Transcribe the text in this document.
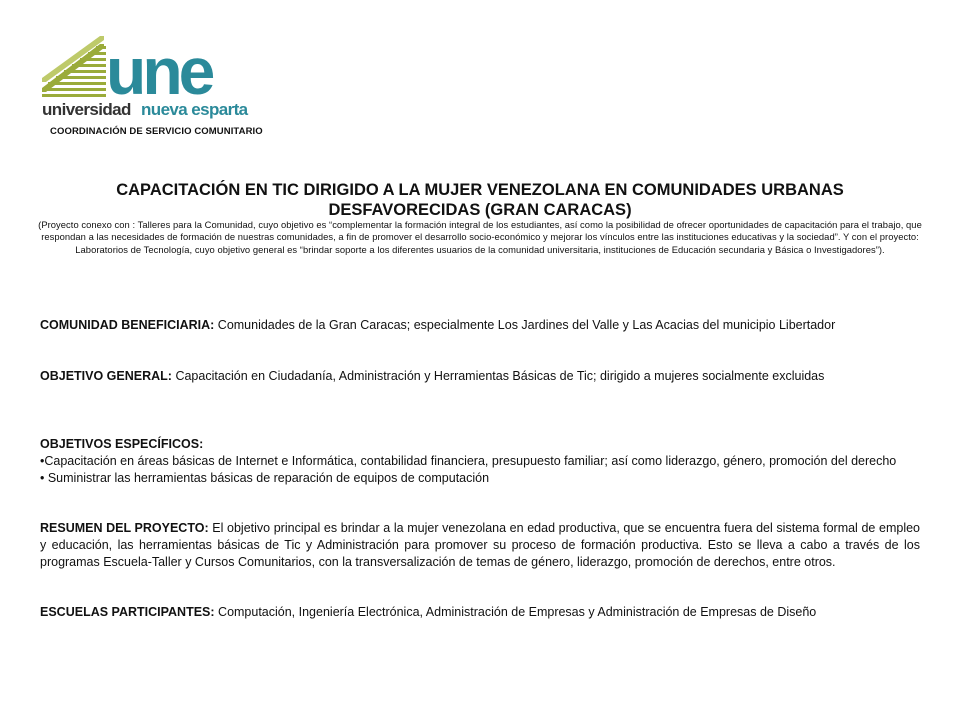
une
universidad nueva esparta
COORDINACIÓN DE SERVICIO COMUNITARIO
CAPACITACIÓN EN TIC DIRIGIDO A LA MUJER VENEZOLANA EN COMUNIDADES URBANAS DESFAVORECIDAS (GRAN CARACAS)
(Proyecto conexo con : Talleres para la Comunidad, cuyo objetivo es “complementar la formación integral de los estudiantes, así como la posibilidad de ofrecer oportunidades de capacitación para el trabajo, que respondan a las necesidades de formación de nuestras comunidades, a fin de promover el desarrollo socio-económico y mejorar los vínculos entre las instituciones educativas y la sociedad”. Y con el proyecto: Laboratorios de Tecnología, cuyo objetivo general es “brindar soporte a los diferentes usuarios de la comunidad universitaria, instituciones de Educación secundaria y Básica o Investigadores”).
COMUNIDAD BENEFICIARIA: Comunidades de la Gran Caracas; especialmente Los Jardines del Valle y Las Acacias del municipio Libertador
OBJETIVO GENERAL: Capacitación en Ciudadanía, Administración y Herramientas Básicas de Tic; dirigido a mujeres socialmente excluidas
OBJETIVOS ESPECÍFICOS:
•Capacitación en áreas básicas de Internet e Informática, contabilidad financiera, presupuesto familiar; así como liderazgo, género, promoción del derecho
• Suministrar las herramientas básicas de reparación de equipos de computación
RESUMEN DEL PROYECTO: El objetivo principal es brindar a la mujer venezolana en edad productiva, que se encuentra fuera del sistema formal de empleo y educación, las herramientas básicas de Tic y Administración para promover su proceso de formación productiva. Esto se lleva a cabo a través de los programas Escuela-Taller y Cursos Comunitarios, con la transversalización de temas de género, liderazgo, promoción de derechos, entre otros.
ESCUELAS PARTICIPANTES: Computación, Ingeniería Electrónica, Administración de Empresas y Administración de Empresas de Diseño
